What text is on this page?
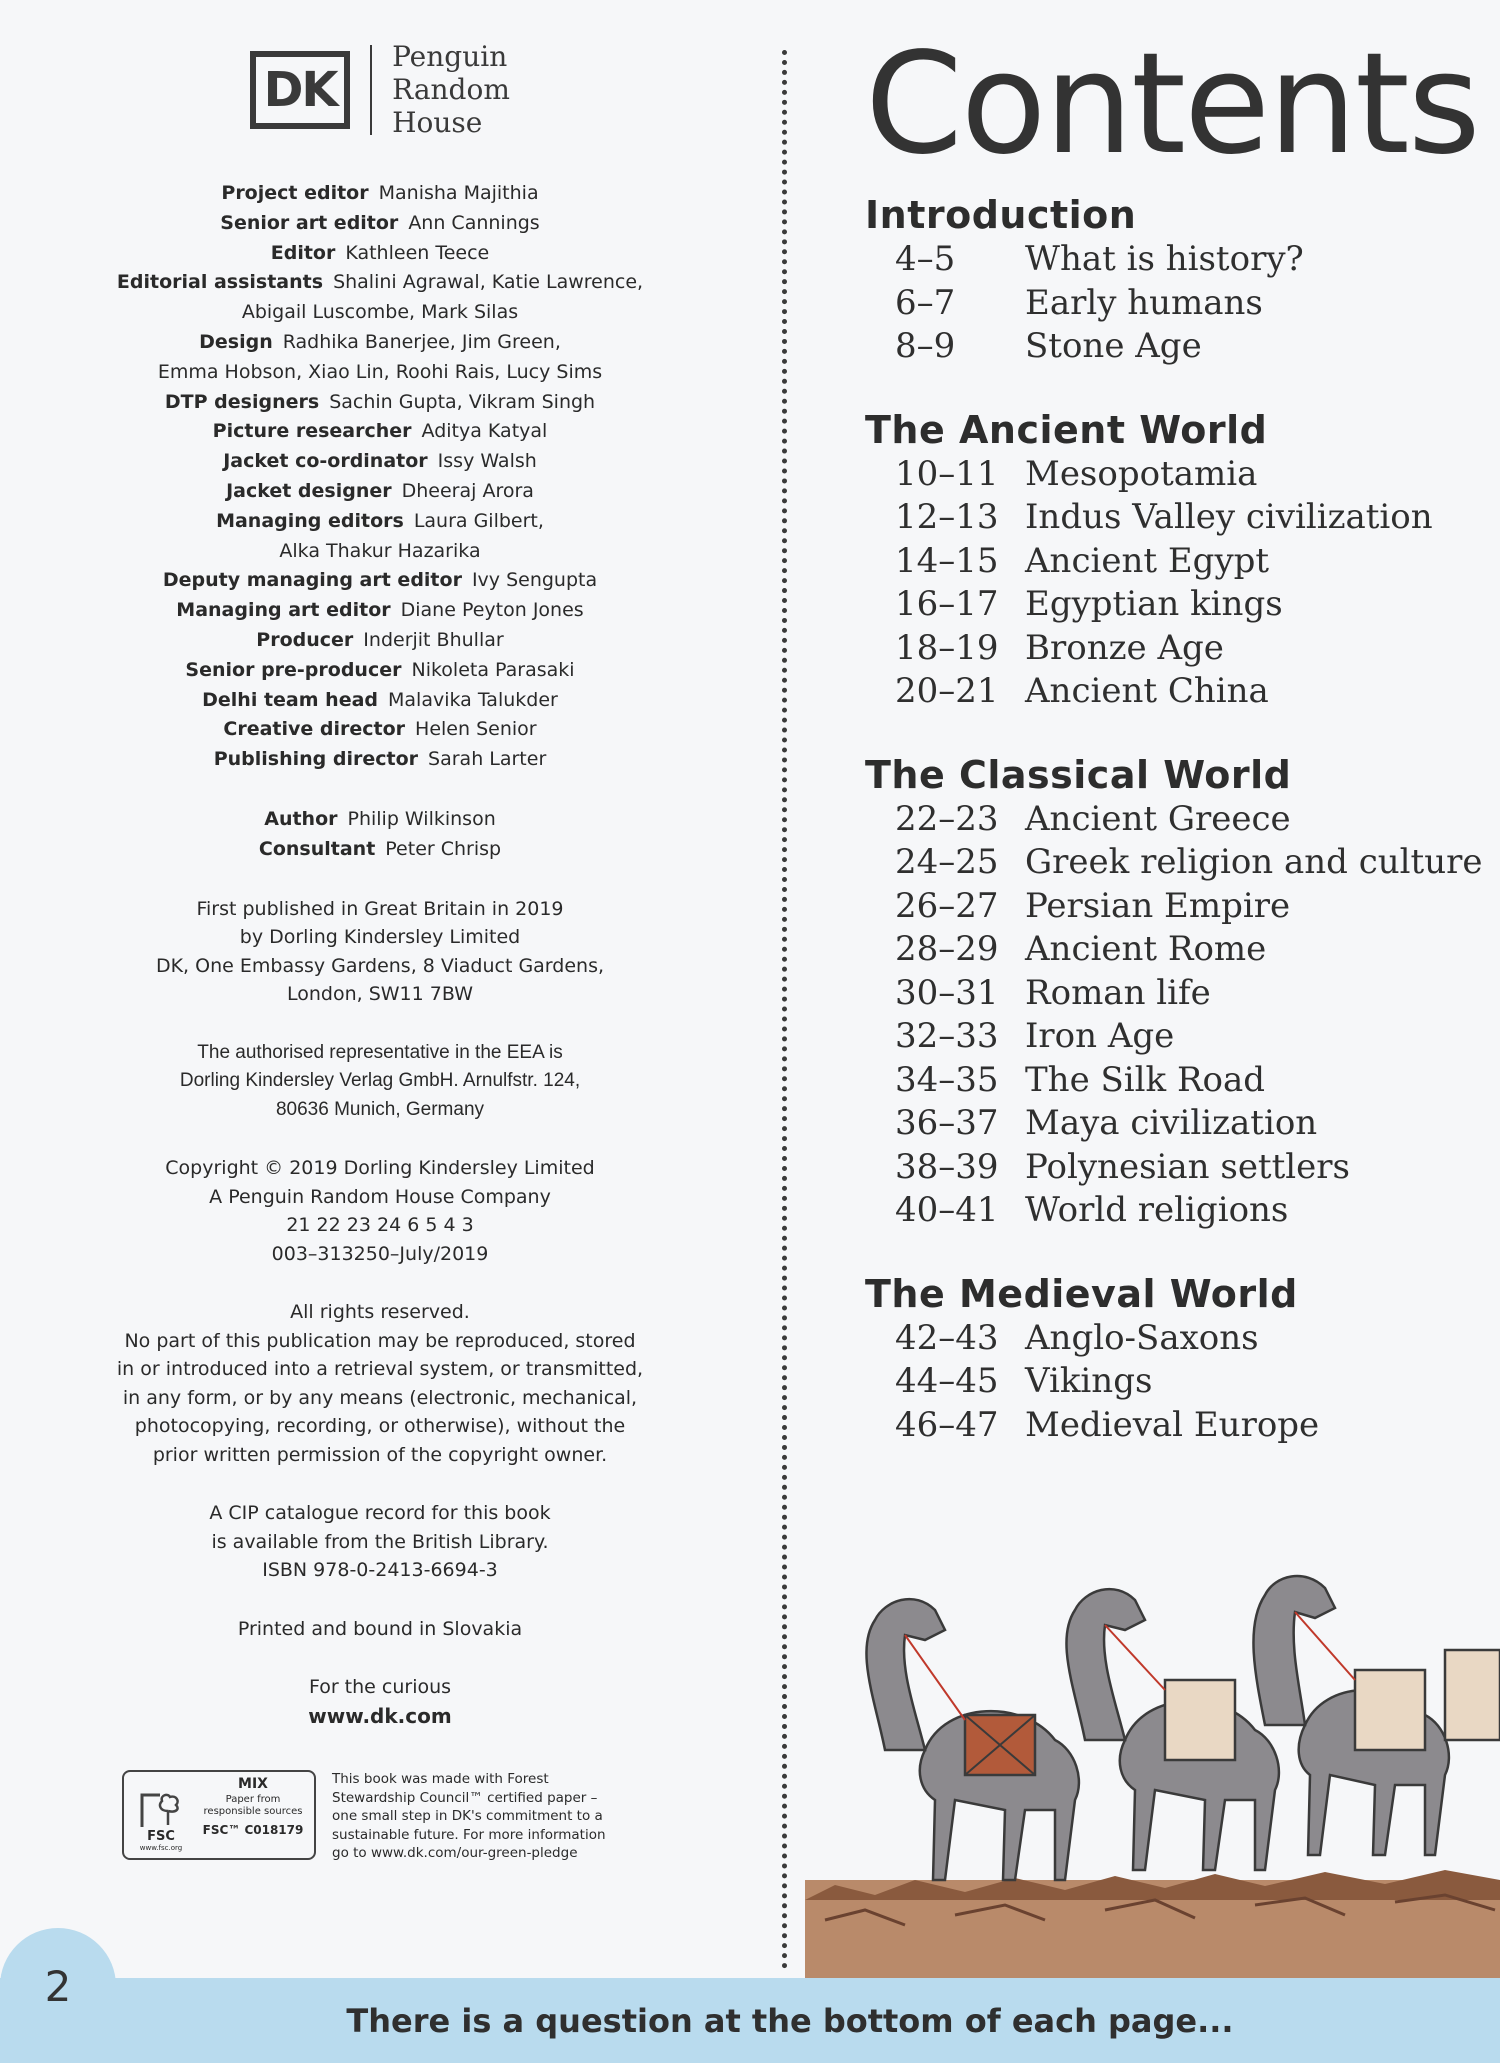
DK
Penguin
Random
House
Project editor Manisha Majithia
Senior art editor Ann Cannings
Editor Kathleen Teece
Editorial assistants Shalini Agrawal, Katie Lawrence,
Abigail Luscombe, Mark Silas
Design Radhika Banerjee, Jim Green,
Emma Hobson, Xiao Lin, Roohi Rais, Lucy Sims
DTP designers Sachin Gupta, Vikram Singh
Picture researcher Aditya Katyal
Jacket co-ordinator Issy Walsh
Jacket designer Dheeraj Arora
Managing editors Laura Gilbert,
Alka Thakur Hazarika
Deputy managing art editor Ivy Sengupta
Managing art editor Diane Peyton Jones
Producer Inderjit Bhullar
Senior pre-producer Nikoleta Parasaki
Delhi team head Malavika Talukder
Creative director Helen Senior
Publishing director Sarah Larter
Author Philip Wilkinson
Consultant Peter Chrisp
First published in Great Britain in 2019
by Dorling Kindersley Limited
DK, One Embassy Gardens, 8 Viaduct Gardens,
London, SW11 7BW
The authorised representative in the EEA is
Dorling Kindersley Verlag GmbH. Arnulfstr. 124,
80636 Munich, Germany
Copyright © 2019 Dorling Kindersley Limited
A Penguin Random House Company
21 22 23 24 6 5 4 3
003–313250–July/2019
All rights reserved.
No part of this publication may be reproduced, stored
in or introduced into a retrieval system, or transmitted,
in any form, or by any means (electronic, mechanical,
photocopying, recording, or otherwise), without the
prior written permission of the copyright owner.
A CIP catalogue record for this book
is available from the British Library.
ISBN 978-0-2413-6694-3
Printed and bound in Slovakia
For the curious
www.dk.com
FSC
www.fsc.org
MIX
Paper from responsible sources
FSC™ C018179
This book was made with Forest Stewardship Council™ certified paper – one small step in DK's commitment to a sustainable future. For more information go to www.dk.com/our-green-pledge
Contents
Introduction
4–5	What is history?
6–7	Early humans
8–9	Stone Age
The Ancient World
10–11 Mesopotamia
12–13 Indus Valley civilization
14–15 Ancient Egypt
16–17 Egyptian kings
18–19 Bronze Age
20–21 Ancient China
The Classical World
22–23 Ancient Greece
24–25 Greek religion and culture
26–27 Persian Empire
28–29 Ancient Rome
30–31 Roman life
32–33 Iron Age
34–35 The Silk Road
36–37 Maya civilization
38–39 Polynesian settlers
40–41 World religions
The Medieval World
42–43 Anglo-Saxons
44–45 Vikings
46–47 Medieval Europe
2
There is a question at the bottom of each page...
